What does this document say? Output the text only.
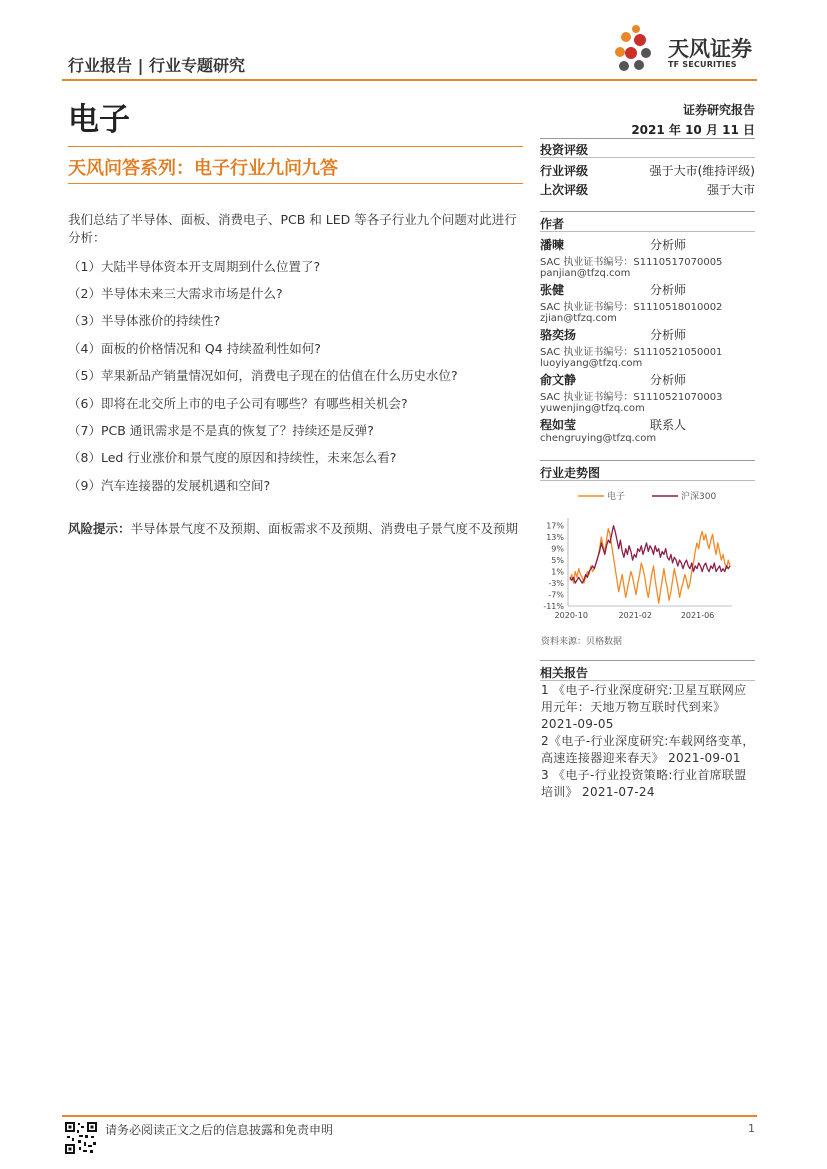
行业报告 | 行业专题研究
天风证券
TF SECURITIES
电子	证券研究报告
2021 年 10 月 11 日
天风问答系列：电子行业九问九答
我们总结了半导体、面板、消费电子、PCB 和 LED 等各子行业九个问题对此进行分析：
（1）大陆半导体资本开支周期到什么位置了?
（2）半导体未来三大需求市场是什么?
（3）半导体涨价的持续性?
（4）面板的价格情况和 Q4 持续盈利性如何?
（5）苹果新品产销量情况如何，消费电子现在的估值在什么历史水位?
（6）即将在北交所上市的电子公司有哪些？有哪些相关机会?
（7）PCB 通讯需求是不是真的恢复了？持续还是反弹?
（8）Led 行业涨价和景气度的原因和持续性，未来怎么看?
（9）汽车连接器的发展机遇和空间?
风险提示：半导体景气度不及预期、面板需求不及预期、消费电子景气度不及预期
投资评级
行业评级	强于大市(维持评级)
上次评级	强于大市
作者
潘暕	分析师
SAC 执业证书编号：S1110517070005
panjian@tfzq.com
张健	分析师
SAC 执业证书编号：S1110518010002
zjian@tfzq.com
骆奕扬	分析师
SAC 执业证书编号：S1110521050001
luoyiyang@tfzq.com
俞文静	分析师
SAC 执业证书编号：S1110521070003
yuwenjing@tfzq.com
程如莹	联系人
chengruying@tfzq.com
行业走势图
电子	沪深300
17%
13%
9%
5%
1%
-3%
-7%
-11%
2020-10	2021-02	2021-06
资料来源：贝格数据
相关报告
1 《电子-行业深度研究:卫星互联网应用元年：天地万物互联时代到来》 2021-09-05
2《电子-行业深度研究:车载网络变革，高速连接器迎来春天》 2021-09-01
3 《电子-行业投资策略:行业首席联盟培训》 2021-07-24
请务必阅读正文之后的信息披露和免责申明	1
